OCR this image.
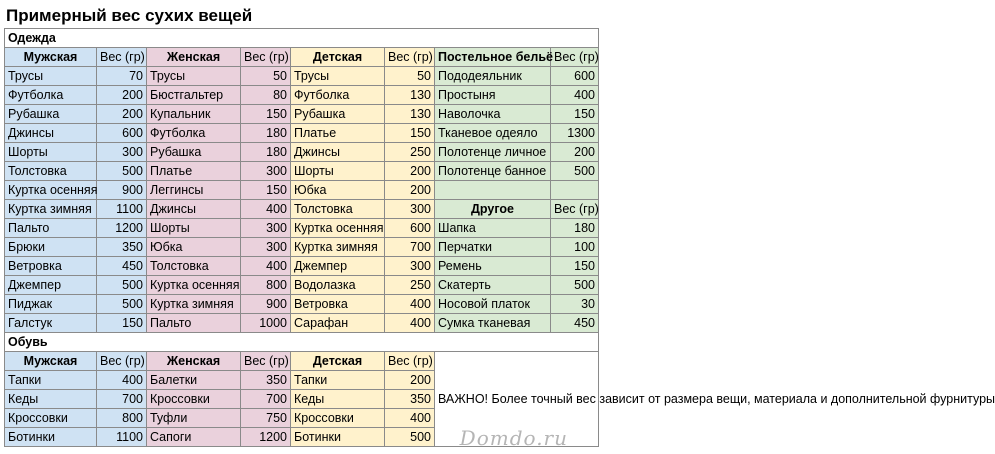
Примерный вес сухих вещей
Одежда							
Мужская	Вес (гр)	Женская	Вес (гр)	Детская	Вес (гр)	Постельное бельё	Вес (гр)
Трусы	70	Трусы	50	Трусы	50	Пододеяльник	600
Футболка	200	Бюстгальтер	80	Футболка	130	Простыня	400
Рубашка	200	Купальник	150	Рубашка	130	Наволочка	150
Джинсы	600	Футболка	180	Платье	150	Тканевое одеяло	1300
Шорты	300	Рубашка	180	Джинсы	250	Полотенце личное	200
Толстовка	500	Платье	300	Шорты	200	Полотенце банное	500
Куртка осенняя	900	Леггинсы	150	Юбка	200		
Куртка зимняя	1100	Джинсы	400	Толстовка	300	Другое	Вес (гр)
Пальто	1200	Шорты	300	Куртка осенняя	600	Шапка	180
Брюки	350	Юбка	300	Куртка зимняя	700	Перчатки	100
Ветровка	450	Толстовка	400	Джемпер	300	Ремень	150
Джемпер	500	Куртка осенняя	800	Водолазка	250	Скатерть	500
Пиджак	500	Куртка зимняя	900	Ветровка	400	Носовой платок	30
Галстук	150	Пальто	1000	Сарафан	400	Сумка тканевая	450
Обувь							
Мужская	Вес (гр)	Женская	Вес (гр)	Детская	Вес (гр)	ВАЖНО! Более точный вес зависит от размера вещи, материала и дополнительной фурнитуры	
Тапки	400	Балетки	350	Тапки	200		
Кеды	700	Кроссовки	700	Кеды	350		
Кроссовки	800	Туфли	750	Кроссовки	400		
Ботинки	1100	Сапоги	1200	Ботинки	500		Domdo.ru
